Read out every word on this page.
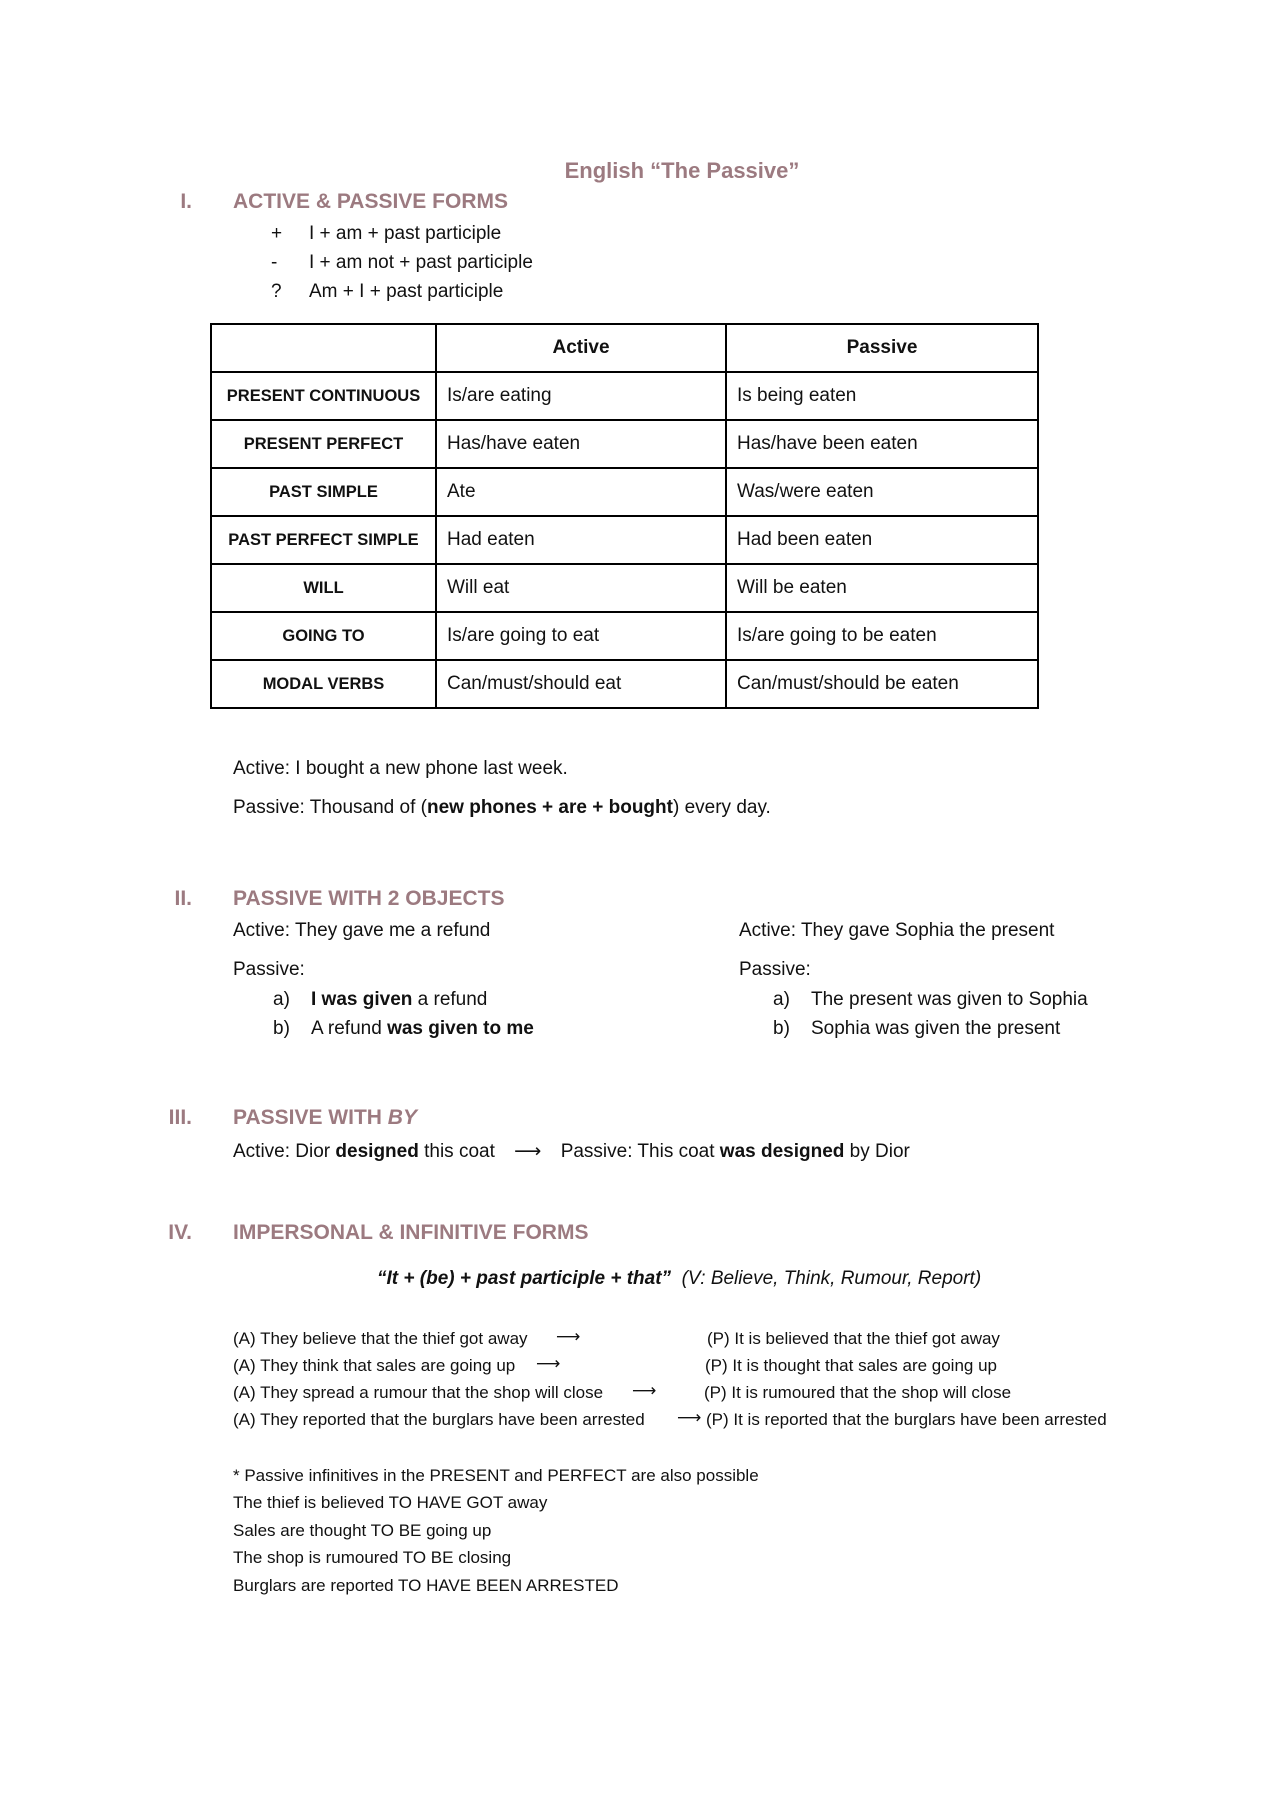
English “The Passive”
I. ACTIVE & PASSIVE FORMS
+ I + am + past participle
- I + am not + past participle
? Am + I + past participle
	Active	Passive
PRESENT CONTINUOUS	Is/are eating	Is being eaten
PRESENT PERFECT	Has/have eaten	Has/have been eaten
PAST SIMPLE	Ate	Was/were eaten
PAST PERFECT SIMPLE	Had eaten	Had been eaten
WILL	Will eat	Will be eaten
GOING TO	Is/are going to eat	Is/are going to be eaten
MODAL VERBS	Can/must/should eat	Can/must/should be eaten
Active: I bought a new phone last week.
Passive: Thousand of (new phones + are + bought) every day.
II. PASSIVE WITH 2 OBJECTS
Active: They gave me a refund
Passive:
a) I was given a refund
b) A refund was given to me
Active: They gave Sophia the present
Passive:
a) The present was given to Sophia
b) Sophia was given the present
III. PASSIVE WITH BY
Active: Dior designed this coat ⟶ Passive: This coat was designed by Dior
IV. IMPERSONAL & INFINITIVE FORMS
“It + (be) + past participle + that”  (V: Believe, Think, Rumour, Report)
(A) They believe that the thief got away ⟶	(P) It is believed that the thief got away
(A) They think that sales are going up ⟶	(P) It is thought that sales are going up
(A) They spread a rumour that the shop will close ⟶	(P) It is rumoured that the shop will close
(A) They reported that the burglars have been arrested ⟶ (P) It is reported that the burglars have been arrested
* Passive infinitives in the PRESENT and PERFECT are also possible
The thief is believed TO HAVE GOT away
Sales are thought TO BE going up
The shop is rumoured TO BE closing
Burglars are reported TO HAVE BEEN ARRESTED
